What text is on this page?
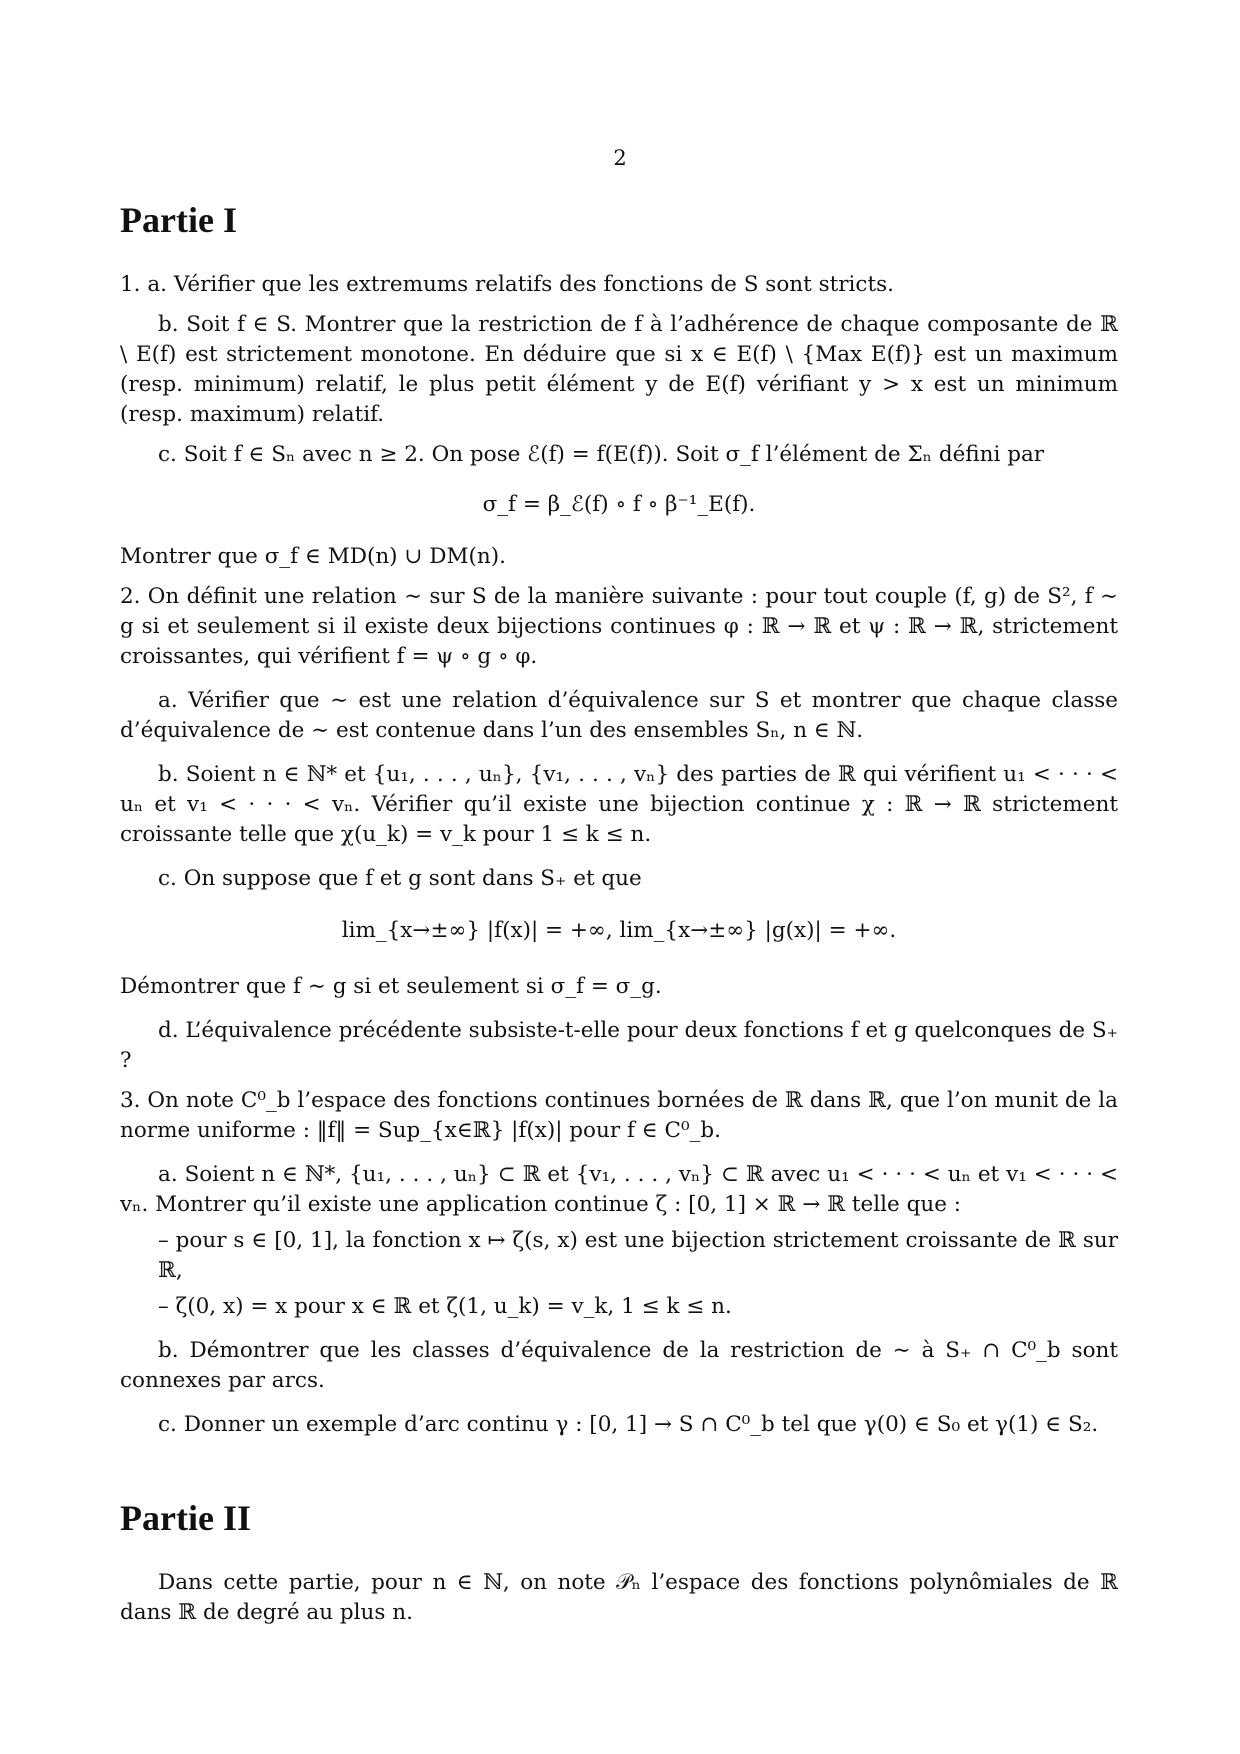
2
Partie I

1. a. Vérifier que les extremums relatifs des fonctions de S sont stricts.

b. Soit f ∈ S. Montrer que la restriction de f à l’adhérence de chaque composante de ℝ \ E(f) est strictement monotone. En déduire que si x ∈ E(f) \ {Max E(f)} est un maximum (resp. minimum) relatif, le plus petit élément y de E(f) vérifiant y > x est un minimum (resp. maximum) relatif.

c. Soit f ∈ Sₙ avec n ≥ 2. On pose ℰ(f) = f(E(f)). Soit σ_f l’élément de Σₙ défini par

σ_f = β_ℰ(f) ∘ f ∘ β⁻¹_E(f).

Montrer que σ_f ∈ MD(n) ∪ DM(n).

2. On définit une relation ∼ sur S de la manière suivante : pour tout couple (f, g) de S², f ∼ g si et seulement si il existe deux bijections continues φ : ℝ → ℝ et ψ : ℝ → ℝ, strictement croissantes, qui vérifient f = ψ ∘ g ∘ φ.

a. Vérifier que ∼ est une relation d’équivalence sur S et montrer que chaque classe d’équivalence de ∼ est contenue dans l’un des ensembles Sₙ, n ∈ ℕ.

b. Soient n ∈ ℕ* et {u₁, . . . , uₙ}, {v₁, . . . , vₙ} des parties de ℝ qui vérifient u₁ < · · · < uₙ et v₁ < · · · < vₙ. Vérifier qu’il existe une bijection continue χ : ℝ → ℝ strictement croissante telle que χ(u_k) = v_k pour 1 ≤ k ≤ n.

c. On suppose que f et g sont dans S₊ et que

lim_{x→±∞} |f(x)| = +∞, lim_{x→±∞} |g(x)| = +∞.

Démontrer que f ∼ g si et seulement si σ_f = σ_g.

d. L’équivalence précédente subsiste-t-elle pour deux fonctions f et g quelconques de S₊ ?

3. On note C⁰_b l’espace des fonctions continues bornées de ℝ dans ℝ, que l’on munit de la norme uniforme : ‖f‖ = Sup_{x∈ℝ} |f(x)| pour f ∈ C⁰_b.

a. Soient n ∈ ℕ*, {u₁, . . . , uₙ} ⊂ ℝ et {v₁, . . . , vₙ} ⊂ ℝ avec u₁ < · · · < uₙ et v₁ < · · · < vₙ. Montrer qu’il existe une application continue ζ : [0, 1] × ℝ → ℝ telle que :

– pour s ∈ [0, 1], la fonction x ↦ ζ(s, x) est une bijection strictement croissante de ℝ sur ℝ,

– ζ(0, x) = x pour x ∈ ℝ et ζ(1, u_k) = v_k, 1 ≤ k ≤ n.

b. Démontrer que les classes d’équivalence de la restriction de ∼ à S₊ ∩ C⁰_b sont connexes par arcs.

c. Donner un exemple d’arc continu γ : [0, 1] → S ∩ C⁰_b tel que γ(0) ∈ S₀ et γ(1) ∈ S₂.

Partie II

Dans cette partie, pour n ∈ ℕ, on note 𝒫ₙ l’espace des fonctions polynômiales de ℝ dans ℝ de degré au plus n.
